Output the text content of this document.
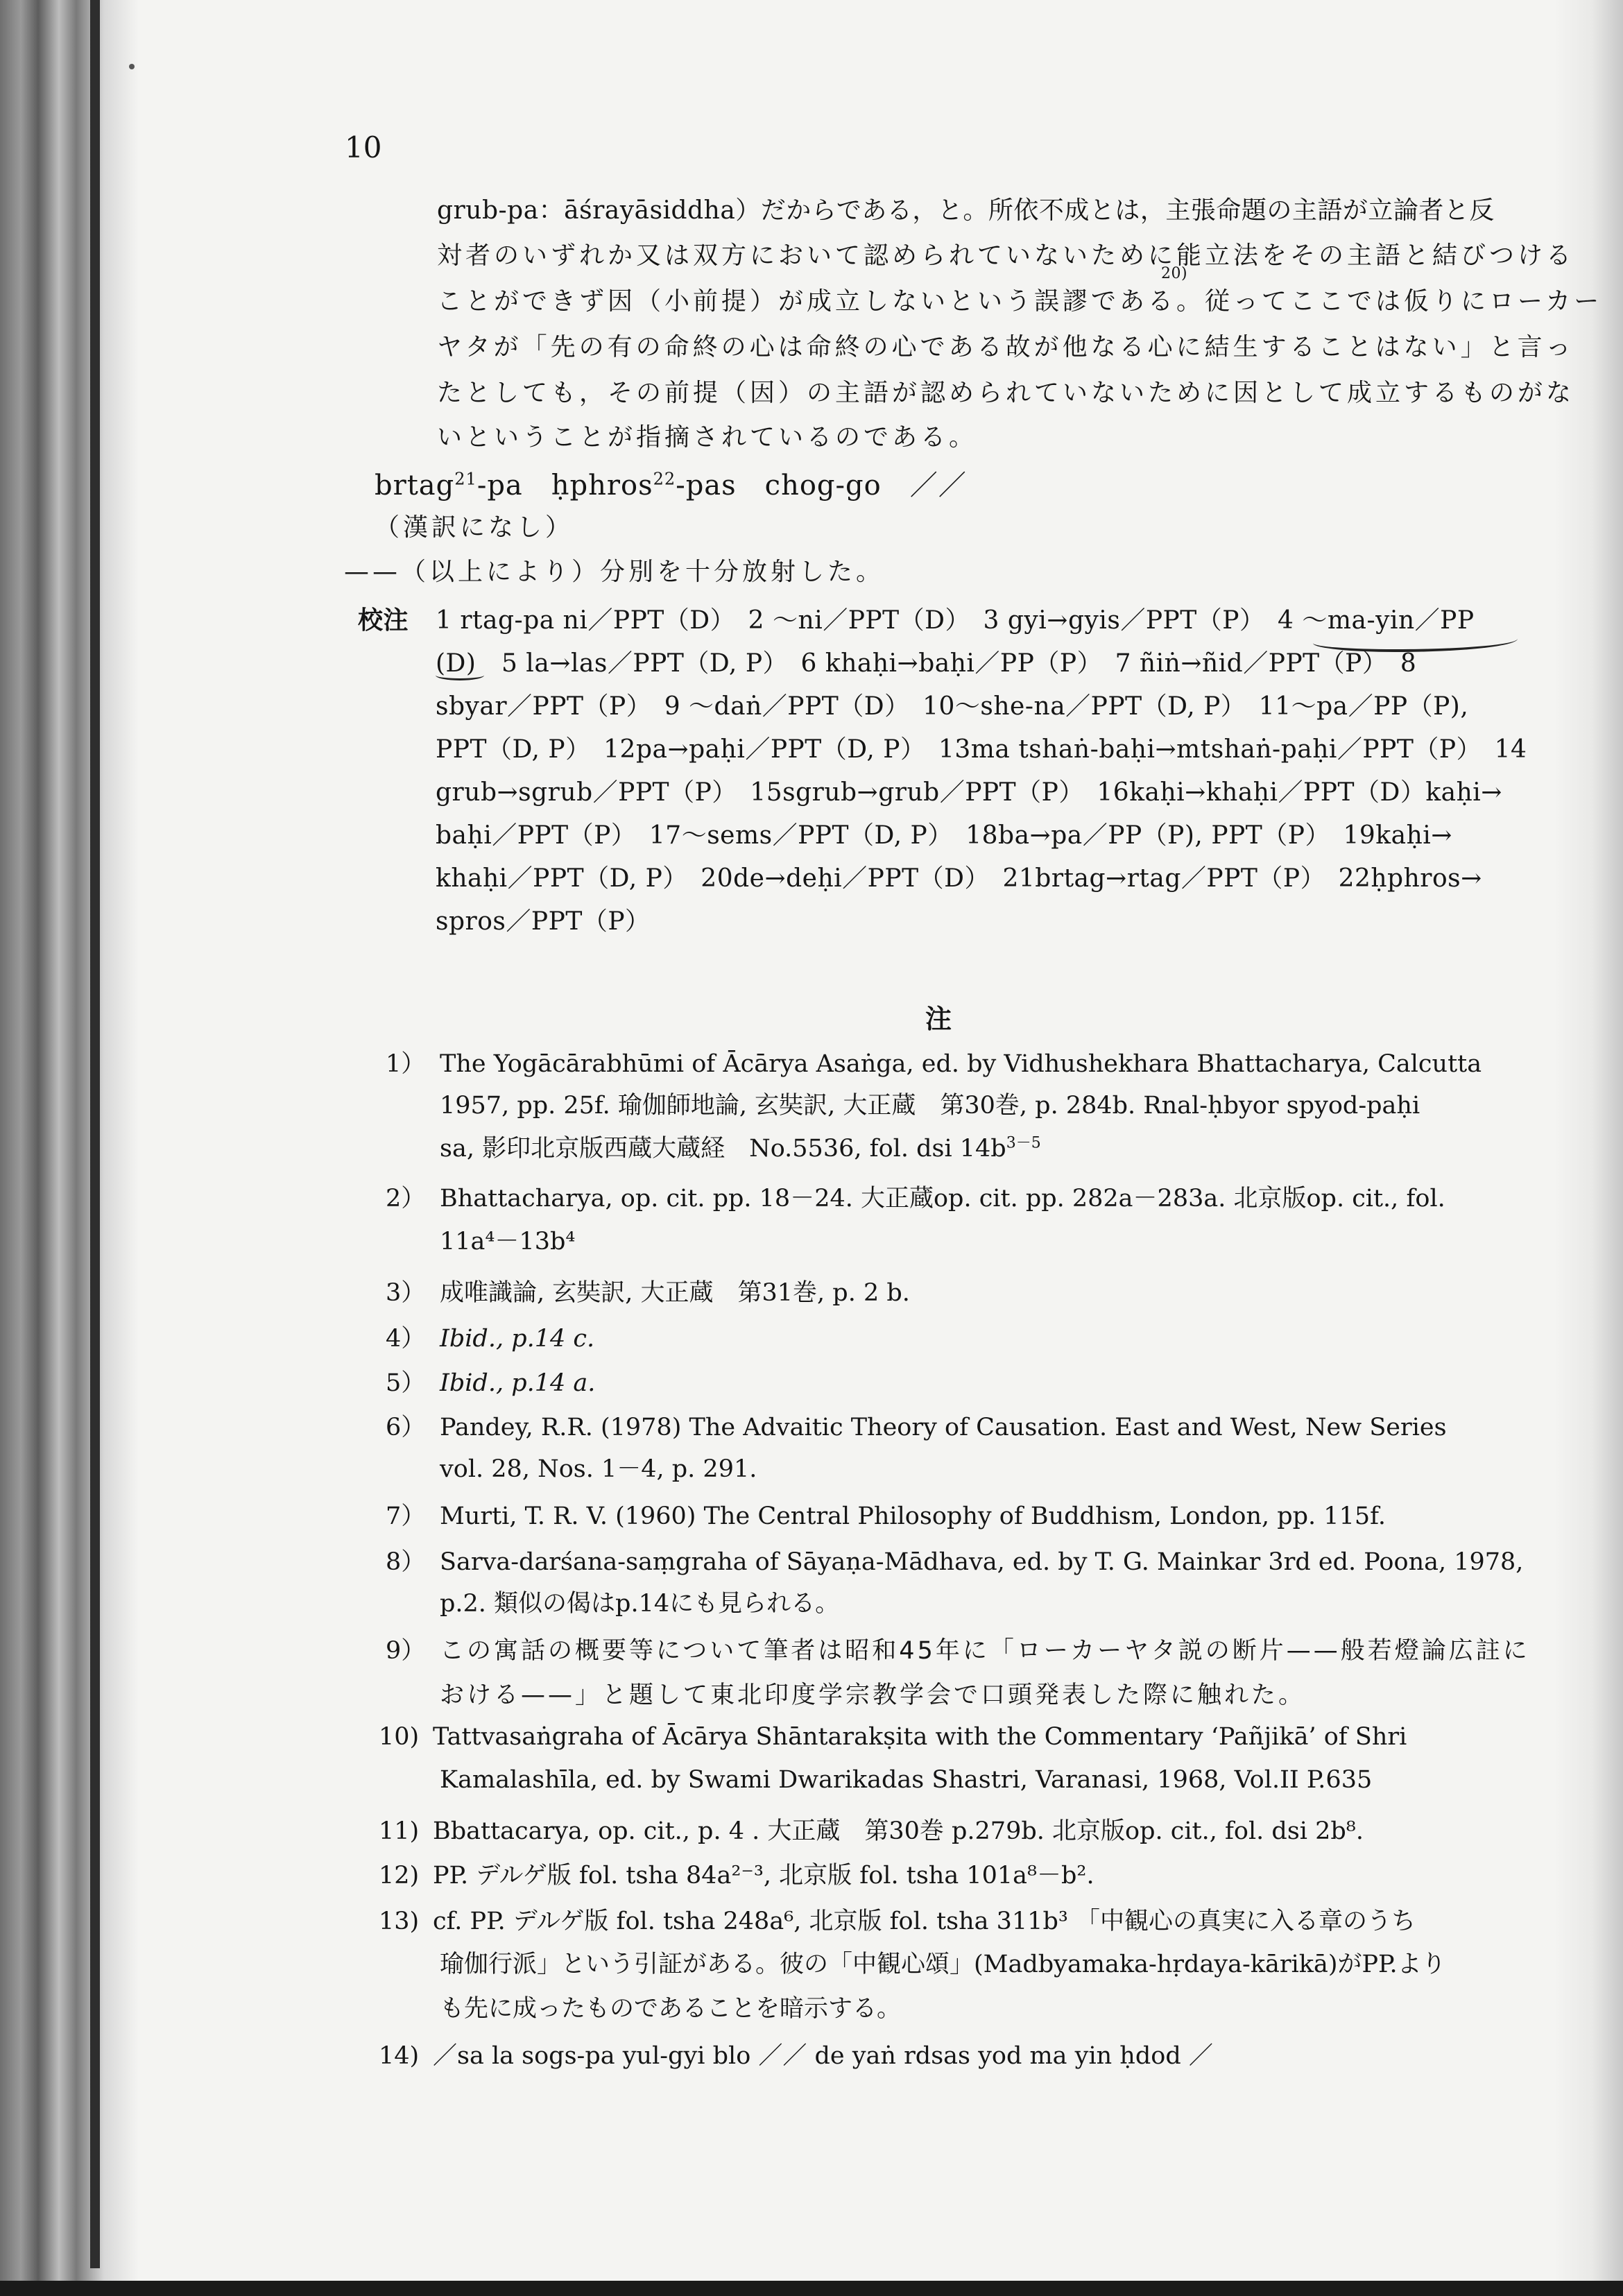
10
grub-pa：āśrayāsiddha）だからである，と。所依不成とは，主張命題の主語が立論者と反
対者のいずれか又は双方において認められていないために能立法をその主語と結びつける
ことができず因（小前提）が成立しないという誤謬である。従ってここでは仮りにローカー
20)
ヤタが「先の有の命終の心は命終の心である故が他なる心に結生することはない」と言っ
たとしても，その前提（因）の主語が認められていないために因として成立するものがな
いということが指摘されているのである。
brtag$^{21}$-pa　ḥphros$^{22}$-pas　chog-go　／／
（漢訳になし）
——（以上により）分別を十分放射した。
校注 1 rtag-pa ni／PPT（D）　2 ～ni／PPT（D）　3 gyi→gyis／PPT（P）　4 ～ma-yin／PP
(D)　5 la→las／PPT（D, P）　6 khaḥi→baḥi／PP（P）　7 ñiṅ→ñid／PPT（P）　8
sbyar／PPT（P）　9 ～daṅ／PPT（D）　10～she-na／PPT（D, P）　11～pa／PP（P),
PPT（D, P）　12pa→paḥi／PPT（D, P）　13ma tshaṅ-baḥi→mtshaṅ-paḥi／PPT（P）　14
grub→sgrub／PPT（P）　15sgrub→grub／PPT（P）　16kaḥi→khaḥi／PPT（D）kaḥi→
baḥi／PPT（P）　17～sems／PPT（D, P）　18ba→pa／PP（P), PPT（P）　19kaḥi→
khaḥi／PPT（D, P）　20de→deḥi／PPT（D）　21brtag→rtag／PPT（P）　22ḥphros→
spros／PPT（P）
注
1） The Yogācārabhūmi of Ācārya Asaṅga, ed. by Vidhushekhara Bhattacharya, Calcutta
1957, pp. 25f. 瑜伽師地論, 玄奘訳, 大正蔵　第30巻, p. 284b. Rnal-ḥbyor spyod-paḥi
sa, 影印北京版西蔵大蔵経　No.5536, fol. dsi $14b^{3-5}$
2） Bhattacharya, op. cit. pp. 18－24. 大正蔵op. cit. pp. 282a－283a. 北京版op. cit., fol.
11a⁴－13b⁴
3） 成唯識論, 玄奘訳, 大正蔵　第31巻, p. 2 b.
4） Ibid., p.14 c.
5） Ibid., p.14 a.
6） Pandey, R.R. (1978) The Advaitic Theory of Causation. East and West, New Series
vol. 28, Nos. 1－4, p. 291.
7） Murti, T. R. V. (1960) The Central Philosophy of Buddhism, London, pp. 115f.
8） Sarva-darśana-saṃgraha of Sāyaṇa-Mādhava, ed. by T. G. Mainkar 3rd ed. Poona, 1978,
p.2. 類似の偈はp.14にも見られる。
9） この寓話の概要等について筆者は昭和45年に「ローカーヤタ説の断片——般若燈論広註に
おける——」と題して東北印度学宗教学会で口頭発表した際に触れた。
10) Tattvasaṅgraha of Ācārya Shāntarakṣita with the Commentary ‘Pañjikā’ of Shri
Kamalashīla, ed. by Swami Dwarikadas Shastri, Varanasi, 1968, Vol.II P.635
11) Bbattacarya, op. cit., p. 4 . 大正蔵　第30巻 p.279b. 北京版op. cit., fol. dsi 2b⁸.
12) PP. デルゲ版 fol. tsha 84a²⁻³, 北京版 fol. tsha 101a⁸－b².
13) cf. PP. デルゲ版 fol. tsha 248a⁶, 北京版 fol. tsha 311b³ 「中観心の真実に入る章のうち
瑜伽行派」という引証がある。彼の「中観心頌」(Madbyamaka-hṛdaya-kārikā)がPP.より
も先に成ったものであることを暗示する。
14) ／sa la sogs-pa yul-gyi blo ／／ de yaṅ rdsas yod ma yin ḥdod ／
